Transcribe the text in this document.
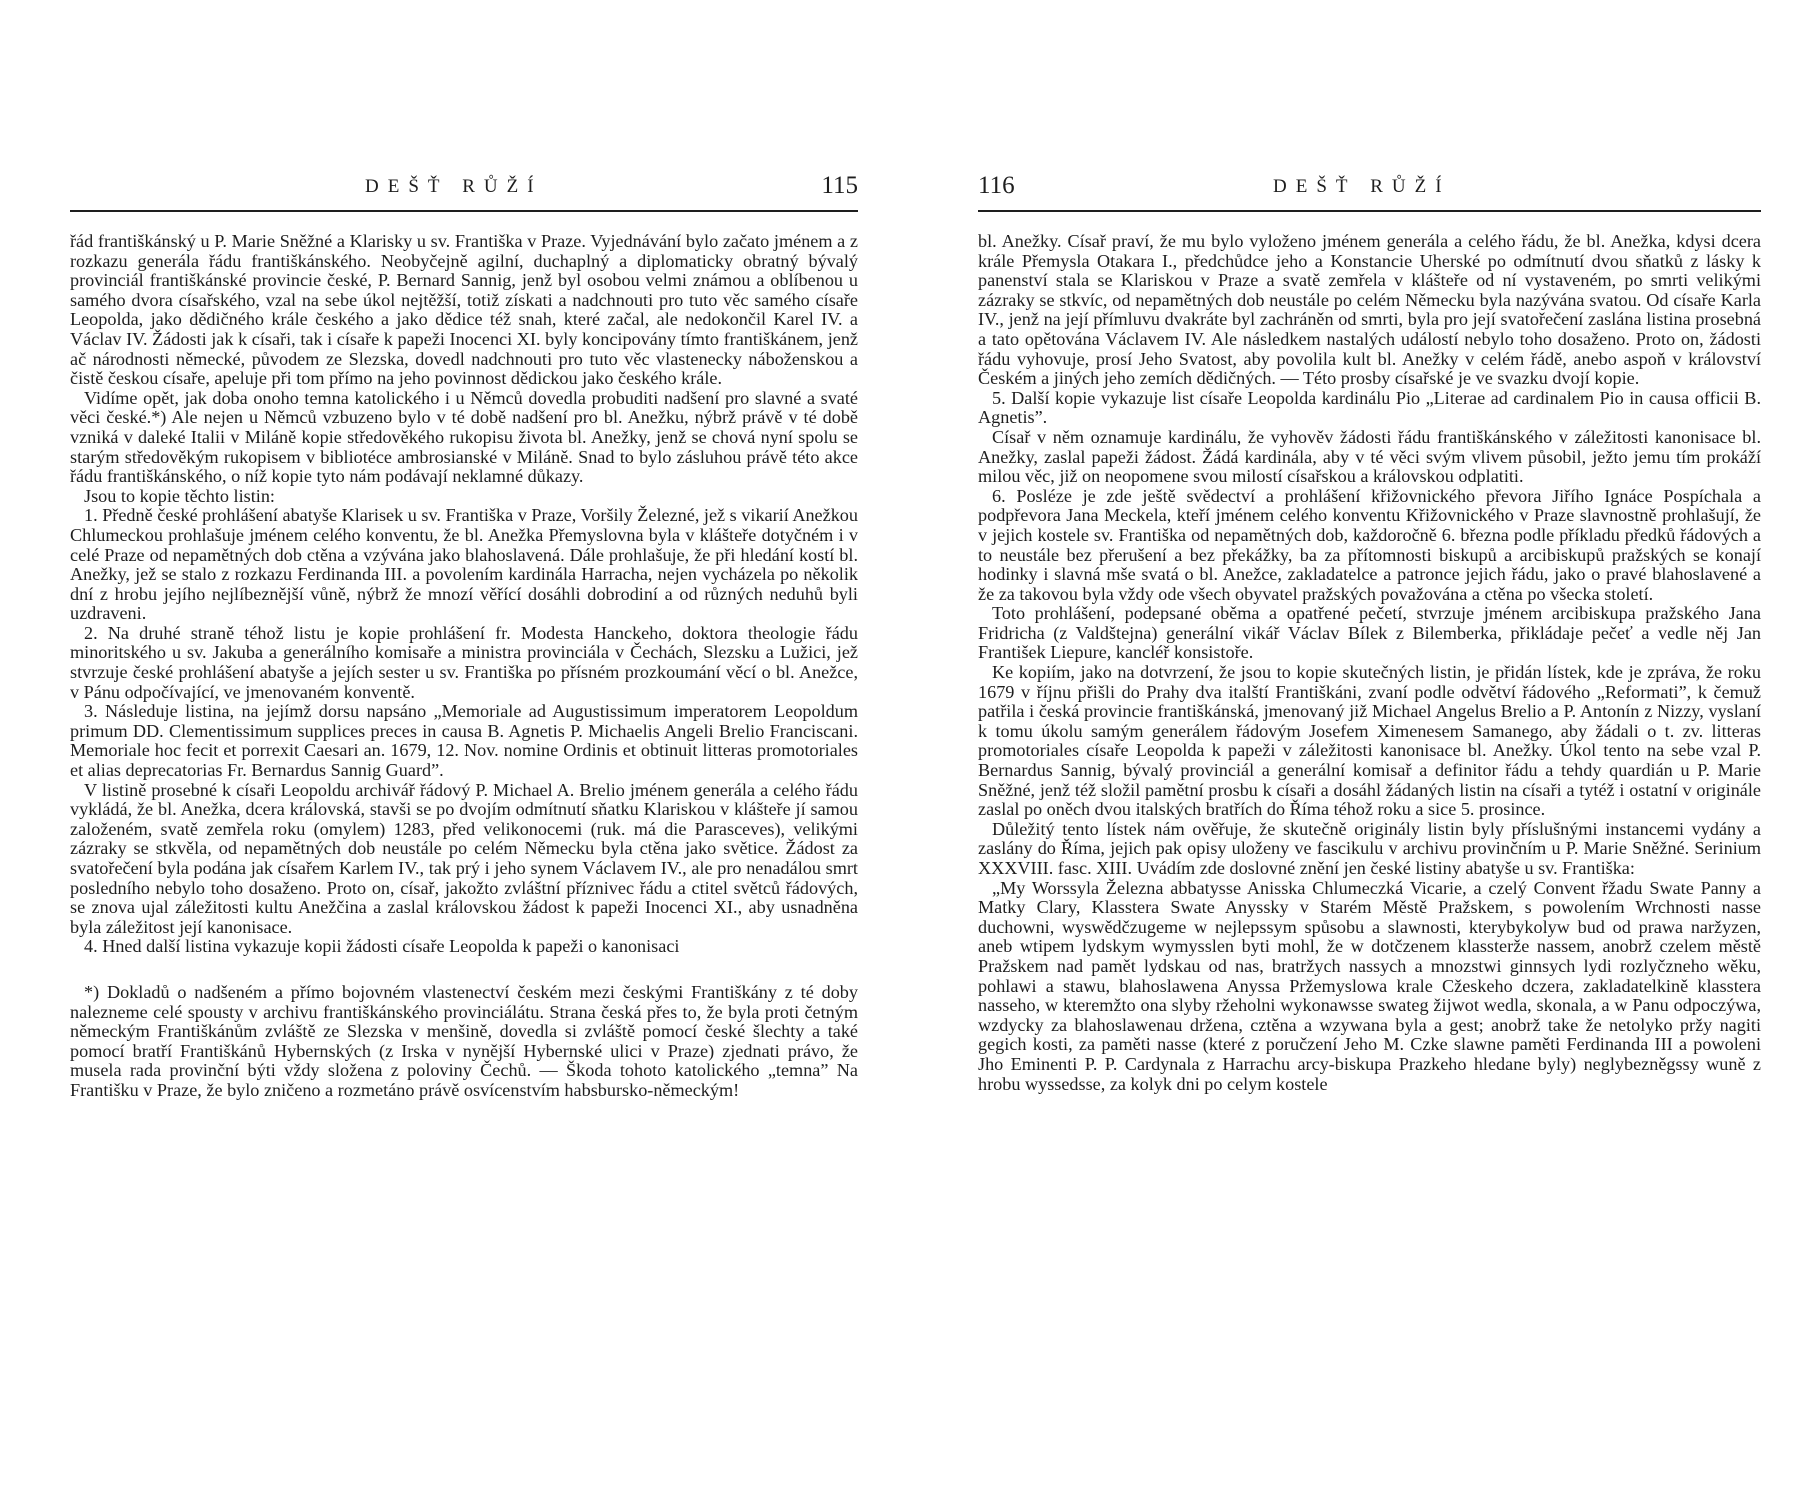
DEŠŤ RŮŽÍ	115

řád františkánský u P. Marie Sněžné a Klarisky u sv. Františka v Praze. Vyjednávání bylo začato jménem a z rozkazu generála řádu františkánského. Neobyčejně agilní, duchaplný a diplomaticky obratný bývalý provinciál františkánské provincie české, P. Bernard Sannig, jenž byl osobou velmi známou a oblíbenou u samého dvora císařského, vzal na sebe úkol nejtěžší, totiž získati a nadchnouti pro tuto věc samého císaře Leopolda, jako dědičného krále českého a jako dědice též snah, které začal, ale nedokončil Karel IV. a Václav IV. Žádosti jak k císaři, tak i císaře k papeži Inocenci XI. byly koncipovány tímto františkánem, jenž ač národnosti německé, původem ze Slezska, dovedl nadchnouti pro tuto věc vlastenecky náboženskou a čistě českou císaře, apeluje při tom přímo na jeho povinnost dědickou jako českého krále.

Vidíme opět, jak doba onoho temna katolického i u Němců dovedla probuditi nadšení pro slavné a svaté věci české.*) Ale nejen u Němců vzbuzeno bylo v té době nadšení pro bl. Anežku, nýbrž právě v té době vzniká v daleké Italii v Miláně kopie středověkého rukopisu života bl. Anežky, jenž se chová nyní spolu se starým středověkým rukopisem v bibliotéce ambrosianské v Miláně. Snad to bylo zásluhou právě této akce řádu františkánského, o níž kopie tyto nám podávají neklamné důkazy.

Jsou to kopie těchto listin:

1. Předně české prohlášení abatyše Klarisek u sv. Františka v Praze, Voršily Železné, jež s vikarií Anežkou Chlumeckou prohlašuje jménem celého konventu, že bl. Anežka Přemyslovna byla v klášteře dotyčném i v celé Praze od nepamětných dob ctěna a vzývána jako blahoslavená. Dále prohlašuje, že při hledání kostí bl. Anežky, jež se stalo z rozkazu Ferdinanda III. a povolením kardinála Harracha, nejen vycházela po několik dní z hrobu jejího nejlíbeznější vůně, nýbrž že mnozí věřící dosáhli dobrodiní a od různých neduhů byli uzdraveni.

2. Na druhé straně téhož listu je kopie prohlášení fr. Modesta Hanckeho, doktora theologie řádu minoritského u sv. Jakuba a generálního komisaře a ministra provinciála v Čechách, Slezsku a Lužici, jež stvrzuje české prohlášení abatyše a jejích sester u sv. Františka po přísném prozkoumání věcí o bl. Anežce, v Pánu odpočívající, ve jmenovaném konventě.

3. Následuje listina, na jejímž dorsu napsáno „Memoriale ad Augustissimum imperatorem Leopoldum primum DD. Clementissimum supplices preces in causa B. Agnetis P. Michaelis Angeli Brelio Franciscani. Memoriale hoc fecit et porrexit Caesari an. 1679, 12. Nov. nomine Ordinis et obtinuit litteras promotoriales et alias deprecatorias Fr. Bernardus Sannig Guard”.

V listině prosebné k císaři Leopoldu archivář řádový P. Michael A. Brelio jménem generála a celého řádu vykládá, že bl. Anežka, dcera královská, stavši se po dvojím odmítnutí sňatku Klariskou v klášteře jí samou založeném, svatě zemřela roku (omylem) 1283, před velikonocemi (ruk. má die Parasceves), velikými zázraky se stkvěla, od nepamětných dob neustále po celém Německu byla ctěna jako světice. Žádost za svatořečení byla podána jak císařem Karlem IV., tak prý i jeho synem Václavem IV., ale pro nenadálou smrt posledního nebylo toho dosaženo. Proto on, císař, jakožto zvláštní příznivec řádu a ctitel světců řádových, se znova ujal záležitosti kultu Anežčina a zaslal královskou žádost k papeži Inocenci XI., aby usnadněna byla záležitost její kanonisace.

4. Hned další listina vykazuje kopii žádosti císaře Leopolda k papeži o kanonisaci

*) Dokladů o nadšeném a přímo bojovném vlastenectví českém mezi českými Františkány z té doby nalezneme celé spousty v archivu františkánského provinciálátu. Strana česká přes to, že byla proti četným německým Františkánům zvláště ze Slezska v menšině, dovedla si zvláště pomocí české šlechty a také pomocí bratří Františkánů Hybernských (z Irska v nynější Hybernské ulici v Praze) zjednati právo, že musela rada provinční býti vždy složena z poloviny Čechů. — Škoda tohoto katolického „temna” Na Františku v Praze, že bylo zničeno a rozmetáno právě osvícenstvím habsbursko-německým!

116	DEŠŤ RŮŽÍ

bl. Anežky. Císař praví, že mu bylo vyloženo jménem generála a celého řádu, že bl. Anežka, kdysi dcera krále Přemysla Otakara I., předchůdce jeho a Konstancie Uherské po odmítnutí dvou sňatků z lásky k panenství stala se Klariskou v Praze a svatě zemřela v klášteře od ní vystaveném, po smrti velikými zázraky se stkvíc, od nepamětných dob neustále po celém Německu byla nazývána svatou. Od císaře Karla IV., jenž na její přímluvu dvakráte byl zachráněn od smrti, byla pro její svatořečení zaslána listina prosebná a tato opětována Václavem IV. Ale následkem nastalých událostí nebylo toho dosaženo. Proto on, žádosti řádu vyhovuje, prosí Jeho Svatost, aby povolila kult bl. Anežky v celém řádě, anebo aspoň v království Českém a jiných jeho zemích dědičných. — Této prosby císařské je ve svazku dvojí kopie.

5. Další kopie vykazuje list císaře Leopolda kardinálu Pio „Literae ad cardinalem Pio in causa officii B. Agnetis”.

Císař v něm oznamuje kardinálu, že vyhověv žádosti řádu františkánského v záležitosti kanonisace bl. Anežky, zaslal papeži žádost. Žádá kardinála, aby v té věci svým vlivem působil, ježto jemu tím prokáží milou věc, již on neopomene svou milostí císařskou a královskou odplatiti.

6. Posléze je zde ještě svědectví a prohlášení křižovnického převora Jiřího Ignáce Pospíchala a podpřevora Jana Meckela, kteří jménem celého konventu Křižovnického v Praze slavnostně prohlašují, že v jejich kostele sv. Františka od nepamětných dob, každoročně 6. března podle příkladu předků řádových a to neustále bez přerušení a bez překážky, ba za přítomnosti biskupů a arcibiskupů pražských se konají hodinky i slavná mše svatá o bl. Anežce, zakladatelce a patronce jejich řádu, jako o pravé blahoslavené a že za takovou byla vždy ode všech obyvatel pražských považována a ctěna po všecka století.

Toto prohlášení, podepsané oběma a opatřené pečetí, stvrzuje jménem arcibiskupa pražského Jana Fridricha (z Valdštejna) generální vikář Václav Bílek z Bilemberka, přikládaje pečeť a vedle něj Jan František Liepure, kancléř konsistoře.

Ke kopiím, jako na dotvrzení, že jsou to kopie skutečných listin, je přidán lístek, kde je zpráva, že roku 1679 v říjnu přišli do Prahy dva italští Františkáni, zvaní podle odvětví řádového „Reformati”, k čemuž patřila i česká provincie františkánská, jmenovaný již Michael Angelus Brelio a P. Antonín z Nizzy, vyslaní k tomu úkolu samým generálem řádovým Josefem Ximenesem Samanego, aby žádali o t. zv. litteras promotoriales císaře Leopolda k papeži v záležitosti kanonisace bl. Anežky. Úkol tento na sebe vzal P. Bernardus Sannig, bývalý provinciál a generální komisař a definitor řádu a tehdy quardián u P. Marie Sněžné, jenž též složil pamětní prosbu k císaři a dosáhl žádaných listin na císaři a tytéž i ostatní v originále zaslal po oněch dvou italských bratřích do Říma téhož roku a sice 5. prosince.

Důležitý tento lístek nám ověřuje, že skutečně originály listin byly příslušnými instancemi vydány a zaslány do Říma, jejich pak opisy uloženy ve fascikulu v archivu provinčním u P. Marie Sněžné. Serinium XXXVIII. fasc. XIII. Uvádím zde doslovné znění jen české listiny abatyše u sv. Františka:

„My Worssyla Železna abbatysse Anisska Chlumeczká Vicarie, a czelý Convent řžadu Swate Panny a Matky Clary, Klasstera Swate Anyssky v Starém Městě Pražskem, s powolením Wrchnosti nasse duchowni, wyswědčzugeme w nejlepssym spůsobu a slawnosti, kterybykolyw bud od prawa naržyzen, aneb wtipem lydskym wymysslen byti mohl, že w dotčzenem klassterže nassem, anobrž czelem městě Pražskem nad pamět lydskau od nas, bratržych nassych a mnozstwi ginnsych lydi rozlyčzneho wěku, pohlawi a stawu, blahoslawena Anyssa Pržemyslowa krale Cžeskeho dczera, zakladatelkině klasstera nasseho, w kteremžto ona slyby ržeholni wykonawsse swateg žijwot wedla, skonala, a w Panu odpoczýwa, wzdycky za blahoslawenau držena, cztěna a wzywana byla a gest; anobrž take že netolyko pržy nagiti gegich kosti, za paměti nasse (které z poručzení Jeho M. Czke slawne paměti Ferdinanda III a powoleni Jho Eminenti P. P. Cardynala z Harrachu arcy-biskupa Prazkeho hledane byly) neglybezněgssy wuně z hrobu wyssedsse, za kolyk dni po celym kostele
